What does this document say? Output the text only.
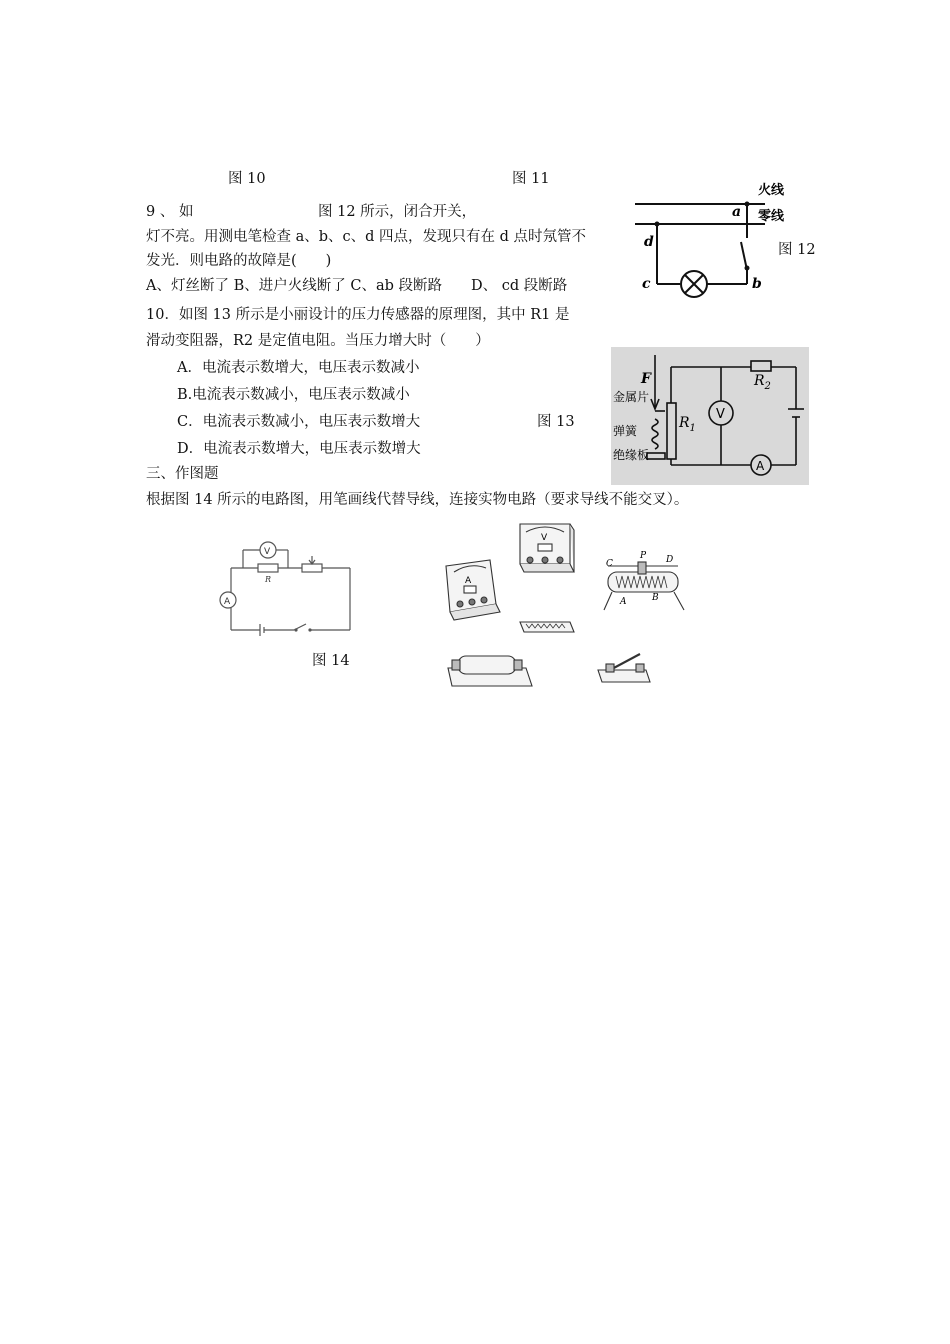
图 10	图 11
9 、 如	图 12 所示，闭合开关，
灯不亮。用测电笔检查 a、b、c、d 四点，发现只有在 d 点时氖管不
发光．则电路的故障是(　　)
A、灯丝断了 B、进户火线断了 C、ab 段断路　　D、 cd 段断路
火线
零线
a
d
c	b
图 12
10．如图 13 所示是小丽设计的压力传感器的原理图，其中 R1 是
滑动变阻器，R2 是定值电阻。当压力增大时（　　）
A．电流表示数增大，电压表示数减小
B.电流表示数减小，电压表示数减小
C．电流表示数减小，电压表示数增大
D．电流表示数增大，电压表示数增大
图 13
F
金属片
弹簧
绝缘板
$R_1$
$R_2$
V
A
三、作图题
根据图 14 所示的电路图，用笔画线代替导线，连接实物电路（要求导线不能交叉）。
V
A
R
图 14
A
V
C
P D
A	B
